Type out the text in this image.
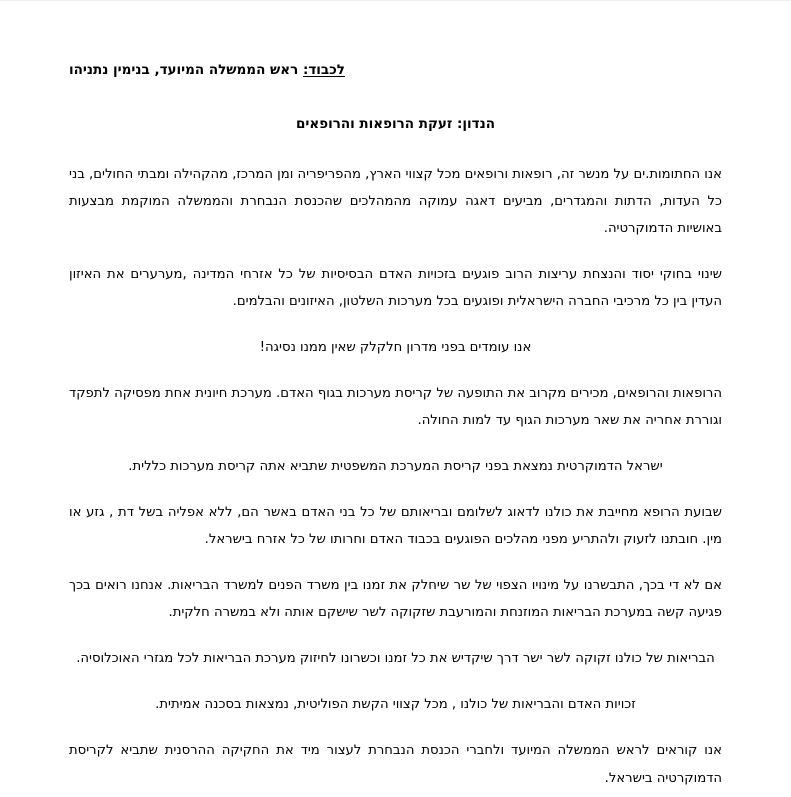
לכבוד: ראש הממשלה המיועד, בנימין נתניהו

הנדון: זעקת הרופאות והרופאים

אנו החתומות.ים על מנשר זה, רופאות ורופאים מכל קצווי הארץ, מהפריפריה ומן המרכז, מהקהילה ומבתי החולים, בני כל העדות, הדתות והמגדרים, מביעים דאגה עמוקה מהמהלכים שהכנסת הנבחרת והממשלה המוקמת מבצעות באושיות הדמוקרטיה.

שינוי בחוקי יסוד והנצחת עריצות הרוב פוגעים בזכויות האדם הבסיסיות של כל אזרחי המדינה ,מערערים את האיזון העדין בין כל מרכיבי החברה הישראלית ופוגעים בכל מערכות השלטון, האיזונים והבלמים.

אנו עומדים בפני מדרון חלקלק שאין ממנו נסיגה!

הרופאות והרופאים, מכירים מקרוב את התופעה של קריסת מערכות בגוף האדם. מערכת חיונית אחת מפסיקה לתפקד וגוררת אחריה את שאר מערכות הגוף עד למות החולה.

ישראל הדמוקרטית נמצאת בפני קריסת המערכת המשפטית שתביא אתה קריסת מערכות כללית.

שבועת הרופא מחייבת את כולנו לדאוג לשלומם ובריאותם של כל בני האדם באשר הם, ללא אפליה בשל דת , גזע או מין. חובתנו לזעוק ולהתריע מפני מהלכים הפוגעים בכבוד האדם וחרותו של כל אזרח בישראל.

אם לא די בכך, התבשרנו על מינויו הצפוי של שר שיחלק את זמנו בין משרד הפנים למשרד הבריאות. אנחנו רואים בכך פגיעה קשה במערכת הבריאות המוזנחת והמורעבת שזקוקה לשר שישקם אותה ולא במשרה חלקית.

הבריאות של כולנו זקוקה לשר ישר דרך שיקדיש את כל זמנו וכשרונו לחיזוק מערכת הבריאות לכל מגזרי האוכלוסיה.

זכויות האדם והבריאות של כולנו , מכל קצווי הקשת הפוליטית, נמצאות בסכנה אמיתית.

אנו קוראים לראש הממשלה המיועד ולחברי הכנסת הנבחרת לעצור מיד את החקיקה ההרסנית שתביא לקריסת הדמוקרטיה בישראל.
